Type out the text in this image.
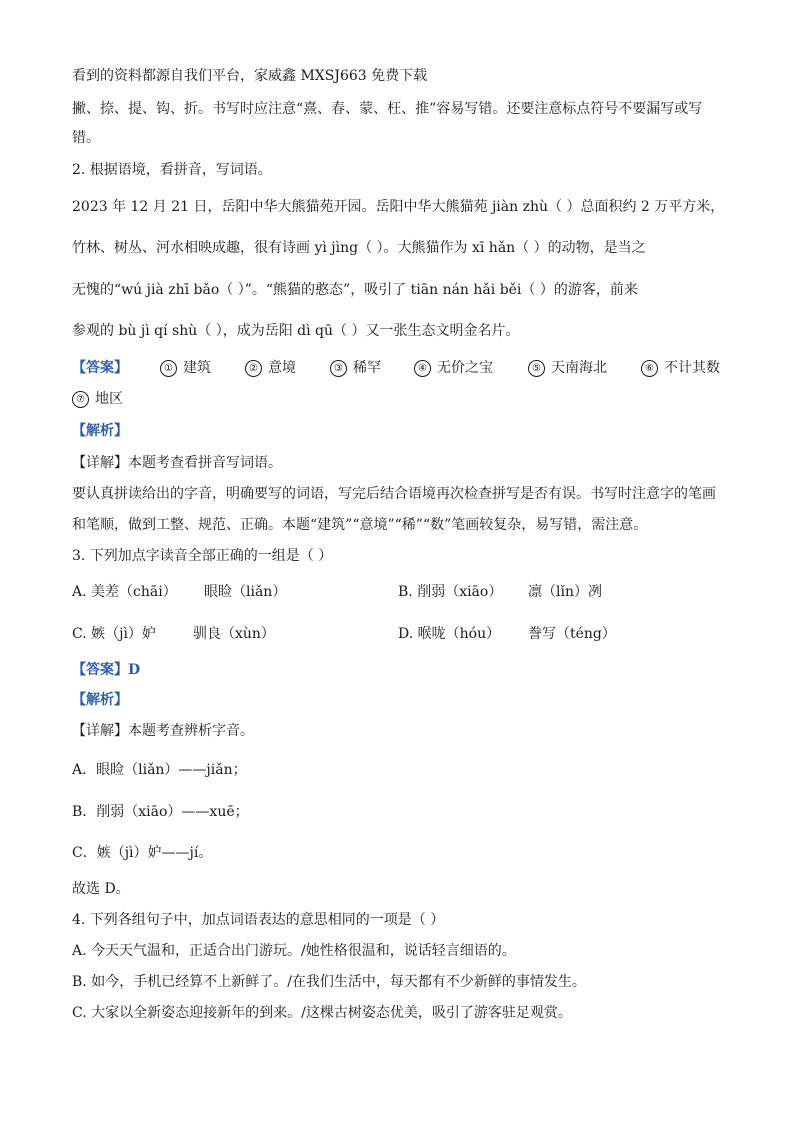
看到的资料都源自我们平台，家威鑫 MXSJ663 免费下载
撇、捺、提、钩、折。书写时应注意“熹、春、蒙、枉、推”容易写错。还要注意标点符号不要漏写或写
错。
2. 根据语境，看拼音，写词语。
2023 年 12 月 21 日，岳阳中华大熊猫苑开园。岳阳中华大熊猫苑 jiàn zhù（ ）总面积约 2 万平方米，
竹林、树丛、河水相映成趣，很有诗画 yì jìng（ ）。大熊猫作为 xī hǎn（ ）的动物，是当之
无愧的“wú jià zhī bǎo（ ）”。“熊猫的憨态”，吸引了 tiān nán hǎi běi（ ）的游客，前来
参观的 bù jì qí shù（ ），成为岳阳 dì qū（ ）又一张生态文明金名片。
【答案】	① 建筑	② 意境	③ 稀罕	④ 无价之宝	⑤ 天南海北	⑥ 不计其数
⑦ 地区
【解析】
【详解】本题考查看拼音写词语。
要认真拼读给出的字音，明确要写的词语，写完后结合语境再次检查拼写是否有误。书写时注意字的笔画
和笔顺，做到工整、规范、正确。本题“建筑”“意境”“稀”“数”笔画较复杂，易写错，需注意。
3. 下列加点字读音全部正确的一组是（ ）
A. 美差（chāi） 眼睑（liǎn）	B. 削弱（xiāo） 凛（lǐn）冽
C. 嫉（jì）妒	驯良（xùn）	D. 喉咙（hóu） 誊写（téng）
【答案】D
【解析】
【详解】本题考查辨析字音。
A．眼睑（liǎn）——jiǎn；
B．削弱（xiāo）——xuē；
C．嫉（jì）妒——jí。
故选 D。
4. 下列各组句子中，加点词语表达的意思相同的一项是（ ）
A. 今天天气温和，正适合出门游玩。/她性格很温和，说话轻言细语的。
B. 如今，手机已经算不上新鲜了。/在我们生活中，每天都有不少新鲜的事情发生。
C. 大家以全新姿态迎接新年的到来。/这棵古树姿态优美，吸引了游客驻足观赏。
